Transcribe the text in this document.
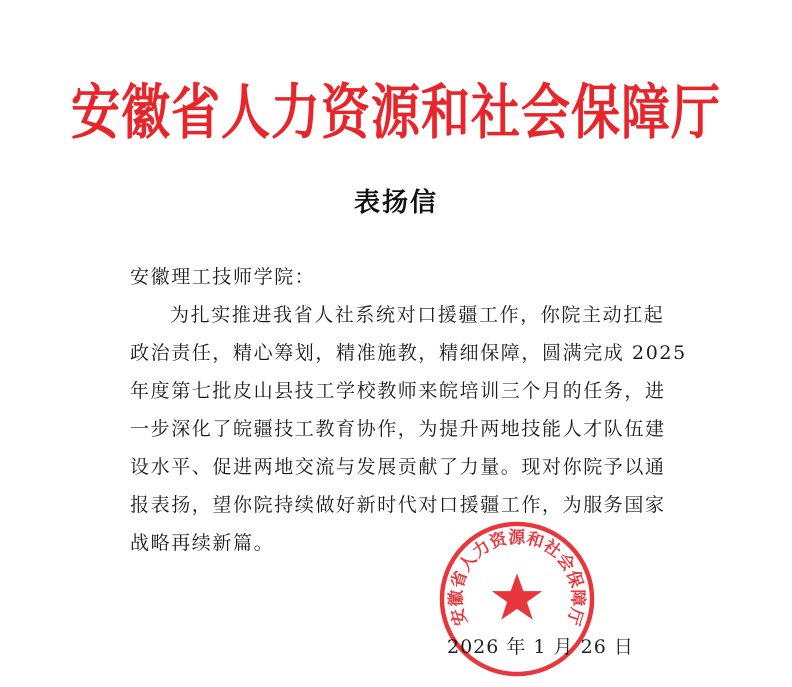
安徽省人力资源和社会保障厅
表扬信
安徽理工技师学院：
为扎实推进我省人社系统对口援疆工作，你院主动扛起
政治责任，精心筹划，精准施教，精细保障，圆满完成 2025
年度第七批皮山县技工学校教师来皖培训三个月的任务，进
一步深化了皖疆技工教育协作，为提升两地技能人才队伍建
设水平、促进两地交流与发展贡献了力量。现对你院予以通
报表扬，望你院持续做好新时代对口援疆工作，为服务国家
战略再续新篇。
2026 年 1 月 26 日
安徽省人力资源和社会保障厅
